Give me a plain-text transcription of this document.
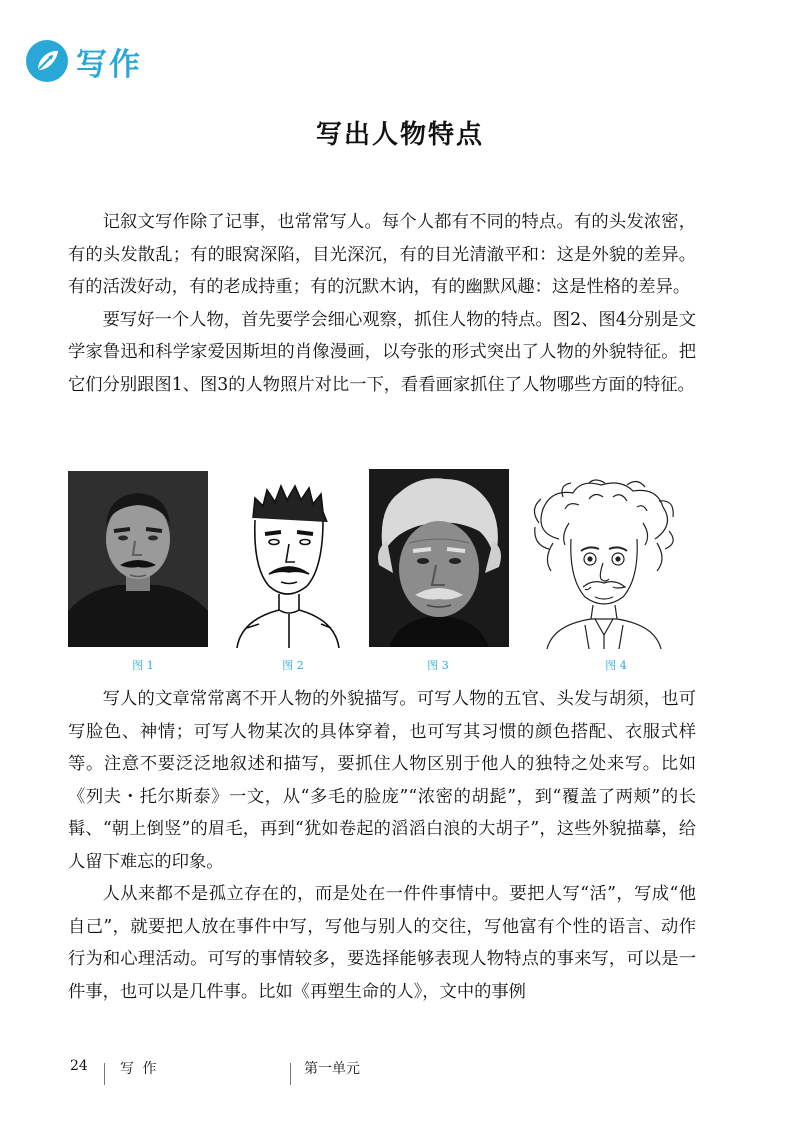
写作
写出人物特点

记叙文写作除了记事，也常常写人。每个人都有不同的特点。有的头发浓密，有的头发散乱；有的眼窝深陷，目光深沉，有的目光清澈平和：这是外貌的差异。有的活泼好动，有的老成持重；有的沉默木讷，有的幽默风趣：这是性格的差异。

要写好一个人物，首先要学会细心观察，抓住人物的特点。图2、图4分别是文学家鲁迅和科学家爱因斯坦的肖像漫画，以夸张的形式突出了人物的外貌特征。把它们分别跟图1、图3的人物照片对比一下，看看画家抓住了人物哪些方面的特征。

图 1	图 2	图 3	图 4

写人的文章常常离不开人物的外貌描写。可写人物的五官、头发与胡须，也可写脸色、神情；可写人物某次的具体穿着，也可写其习惯的颜色搭配、衣服式样等。注意不要泛泛地叙述和描写，要抓住人物区别于他人的独特之处来写。比如《列夫・托尔斯泰》一文，从“多毛的脸庞”“浓密的胡髭”，到“覆盖了两颊”的长髯、“朝上倒竖”的眉毛，再到“犹如卷起的滔滔白浪的大胡子”，这些外貌描摹，给人留下难忘的印象。

人从来都不是孤立存在的，而是处在一件件事情中。要把人写“活”，写成“他自己”，就要把人放在事件中写，写他与别人的交往，写他富有个性的语言、动作行为和心理活动。可写的事情较多，要选择能够表现人物特点的事来写，可以是一件事，也可以是几件事。比如《再塑生命的人》，文中的事例

24 写 作	第一单元
